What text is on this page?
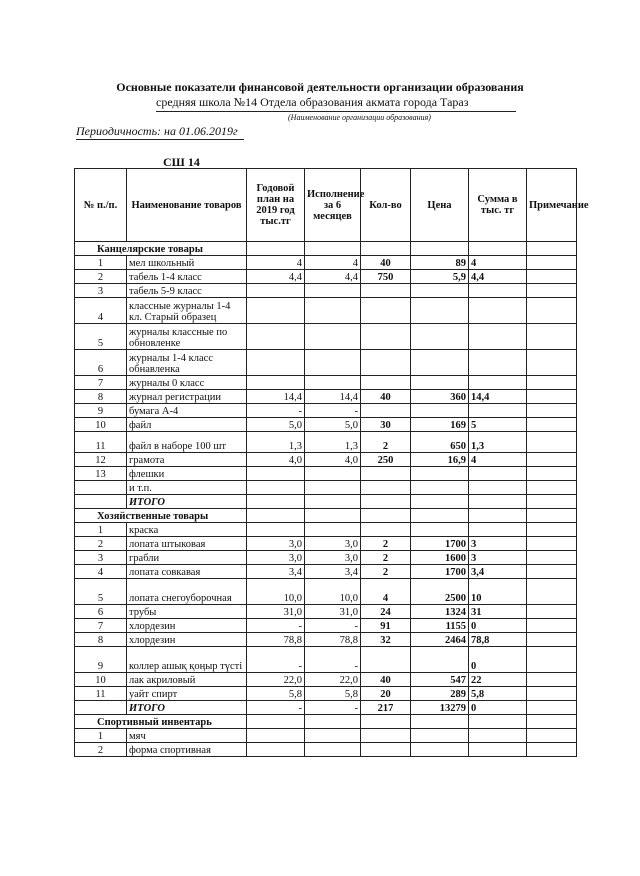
Основные показатели финансовой деятельности организации образования
средняя школа №14 Отдела образования акмата города Тараз
(Наименование организации образования)
Периодичность: на 01.06.2019г
СШ 14
№ п./п.	Наименование товаров	Годовой план на 2019 год тыс.тг	Исполнение за 6 месяцев	Кол-во	Цена	Сумма в тыс. тг	Примечание
Канцелярские товары							
1	мел школьный	4	4	40	89	4	
2	табель 1-4 класс	4,4	4,4	750	5,9	4,4	
3	табель 5-9 класс						
4	классные журналы 1-4 кл. Старый образец						
5	журналы классные по обновленке						
6	журналы 1-4 класс обнавленка						
7	журналы 0 класс						
8	журнал регистрации	14,4	14,4	40	360	14,4	
9	бумага А-4	-	-				
10	файл	5,0	5,0	30	169	5	
11	файл в наборе 100 шт	1,3	1,3	2	650	1,3	
12	грамота	4,0	4,0	250	16,9	4	
13	флешки						
	и т.п.						
	ИТОГО						
Хозяйственные товары							
1	краска						
2	лопата штыковая	3,0	3,0	2	1700	3	
3	грабли	3,0	3,0	2	1600	3	
4	лопата совкавая	3,4	3,4	2	1700	3,4	
5	лопата снегоуборочная	10,0	10,0	4	2500	10	
6	трубы	31,0	31,0	24	1324	31	
7	хлордезин	-	-	91	1155	0	
8	хлордезин	78,8	78,8	32	2464	78,8	
9	коллер ашық қоңыр түсті	-	-			0	
10	лак акриловый	22,0	22,0	40	547	22	
11	уайт спирт	5,8	5,8	20	289	5,8	
	ИТОГО	-	-	217	13279	0	
Спортивный инвентарь							
1	мяч						
2	форма спортивная						
